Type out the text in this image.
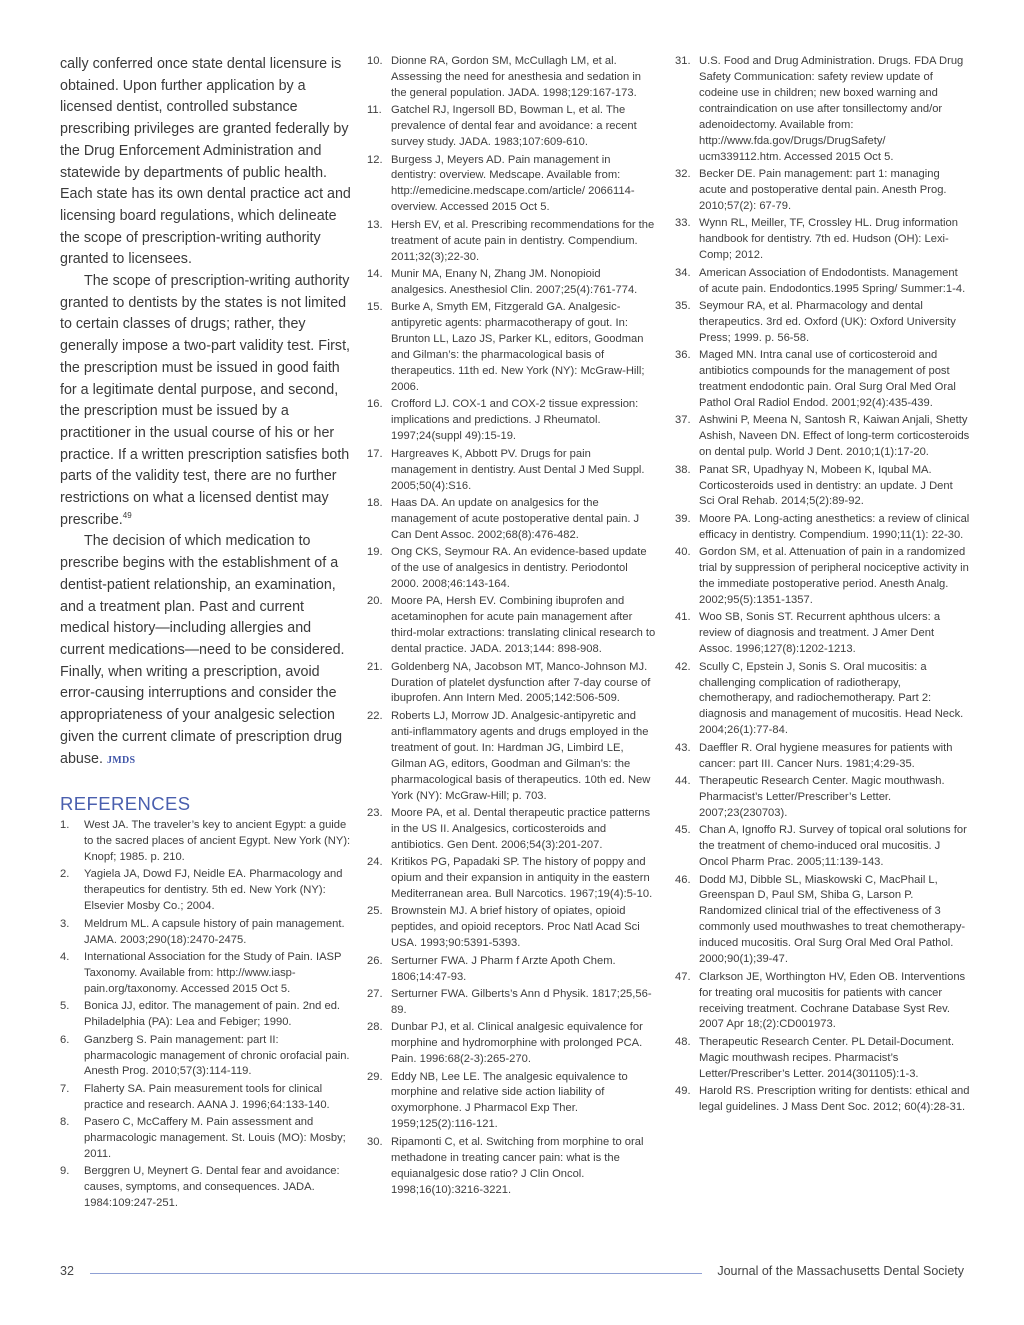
cally conferred once state dental licensure is obtained. Upon further application by a licensed dentist, controlled substance prescribing privileges are granted federally by the Drug Enforcement Administration and statewide by departments of public health. Each state has its own dental practice act and licensing board regulations, which delineate the scope of prescription-writing authority granted to licensees.

The scope of prescription-writing authority granted to dentists by the states is not limited to certain classes of drugs; rather, they generally impose a two-part validity test. First, the prescription must be issued in good faith for a legitimate dental purpose, and second, the prescription must be issued by a practitioner in the usual course of his or her practice. If a written prescription satisfies both parts of the validity test, there are no further restrictions on what a licensed dentist may prescribe.$^{49}$

The decision of which medication to prescribe begins with the establishment of a dentist-patient relationship, an examination, and a treatment plan. Past and current medical history—including allergies and current medications—need to be considered. Finally, when writing a prescription, avoid error-causing interruptions and consider the appropriateness of your analgesic selection given the current climate of prescription drug abuse. JMDS

REFERENCES
1. West JA. The traveler’s key to ancient Egypt: a guide to the sacred places of ancient Egypt. New York (NY): Knopf; 1985. p. 210.
2. Yagiela JA, Dowd FJ, Neidle EA. Pharmacology and therapeutics for dentistry. 5th ed. New York (NY): Elsevier Mosby Co.; 2004.
3. Meldrum ML. A capsule history of pain management. JAMA. 2003;290(18):2470-2475.
4. International Association for the Study of Pain. IASP Taxonomy. Available from: http://www.iasp-pain.org/taxonomy. Accessed 2015 Oct 5.
5. Bonica JJ, editor. The management of pain. 2nd ed. Philadelphia (PA): Lea and Febiger; 1990.
6. Ganzberg S. Pain management: part II: pharmacologic management of chronic orofacial pain. Anesth Prog. 2010;57(3):114-119.
7. Flaherty SA. Pain measurement tools for clinical practice and research. AANA J. 1996;64:133-140.
8. Pasero C, McCaffery M. Pain assessment and pharmacologic management. St. Louis (MO): Mosby; 2011.
9. Berggren U, Meynert G. Dental fear and avoidance: causes, symptoms, and consequences. JADA. 1984:109:247-251.
10. Dionne RA, Gordon SM, McCullagh LM, et al. Assessing the need for anesthesia and sedation in the general population. JADA. 1998;129:167-173.
11. Gatchel RJ, Ingersoll BD, Bowman L, et al. The prevalence of dental fear and avoidance: a recent survey study. JADA. 1983;107:609-610.
12. Burgess J, Meyers AD. Pain management in dentistry: overview. Medscape. Available from: http://emedicine.medscape.com/article/ 2066114-overview. Accessed 2015 Oct 5.
13. Hersh EV, et al. Prescribing recommendations for the treatment of acute pain in dentistry. Compendium. 2011;32(3);22-30.
14. Munir MA, Enany N, Zhang JM. Nonopioid analgesics. Anesthesiol Clin. 2007;25(4):761-774.
15. Burke A, Smyth EM, Fitzgerald GA. Analgesic-antipyretic agents: pharmacotherapy of gout. In: Brunton LL, Lazo JS, Parker KL, editors, Goodman and Gilman’s: the pharmacological basis of therapeutics. 11th ed. New York (NY): McGraw-Hill; 2006.
16. Crofford LJ. COX-1 and COX-2 tissue expression: implications and predictions. J Rheumatol. 1997;24(suppl 49):15-19.
17. Hargreaves K, Abbott PV. Drugs for pain management in dentistry. Aust Dental J Med Suppl. 2005;50(4):S16.
18. Haas DA. An update on analgesics for the management of acute postoperative dental pain. J Can Dent Assoc. 2002;68(8):476-482.
19. Ong CKS, Seymour RA. An evidence-based update of the use of analgesics in dentistry. Periodontol 2000. 2008;46:143-164.
20. Moore PA, Hersh EV. Combining ibuprofen and acetaminophen for acute pain management after third-molar extractions: translating clinical research to dental practice. JADA. 2013;144: 898-908.
21. Goldenberg NA, Jacobson MT, Manco-Johnson MJ. Duration of platelet dysfunction after 7-day course of ibuprofen. Ann Intern Med. 2005;142:506-509.
22. Roberts LJ, Morrow JD. Analgesic-antipyretic and anti-inflammatory agents and drugs employed in the treatment of gout. In: Hardman JG, Limbird LE, Gilman AG, editors, Goodman and Gilman’s: the pharmacological basis of therapeutics. 10th ed. New York (NY): McGraw-Hill; p. 703.
23. Moore PA, et al. Dental therapeutic practice patterns in the US II. Analgesics, corticosteroids and antibiotics. Gen Dent. 2006;54(3):201-207.
24. Kritikos PG, Papadaki SP. The history of poppy and opium and their expansion in antiquity in the eastern Mediterranean area. Bull Narcotics. 1967;19(4):5-10.
25. Brownstein MJ. A brief history of opiates, opioid peptides, and opioid receptors. Proc Natl Acad Sci USA. 1993;90:5391-5393.
26. Serturner FWA. J Pharm f Arzte Apoth Chem. 1806;14:47-93.
27. Serturner FWA. Gilberts’s Ann d Physik. 1817;25,56-89.
28. Dunbar PJ, et al. Clinical analgesic equivalence for morphine and hydromorphine with prolonged PCA. Pain. 1996:68(2-3):265-270.
29. Eddy NB, Lee LE. The analgesic equivalence to morphine and relative side action liability of oxymorphone. J Pharmacol Exp Ther. 1959;125(2):116-121.
30. Ripamonti C, et al. Switching from morphine to oral methadone in treating cancer pain: what is the equianalgesic dose ratio? J Clin Oncol. 1998;16(10):3216-3221.
31. U.S. Food and Drug Administration. Drugs. FDA Drug Safety Communication: safety review update of codeine use in children; new boxed warning and contraindication on use after tonsillectomy and/or adenoidectomy. Available from: http://www.fda.gov/Drugs/DrugSafety/ ucm339112.htm. Accessed 2015 Oct 5.
32. Becker DE. Pain management: part 1: managing acute and postoperative dental pain. Anesth Prog. 2010;57(2): 67-79.
33. Wynn RL, Meiller, TF, Crossley HL. Drug information handbook for dentistry. 7th ed. Hudson (OH): Lexi-Comp; 2012.
34. American Association of Endodontists. Management of acute pain. Endodontics.1995 Spring/ Summer:1-4.
35. Seymour RA, et al. Pharmacology and dental therapeutics. 3rd ed. Oxford (UK): Oxford University Press; 1999. p. 56-58.
36. Maged MN. Intra canal use of corticosteroid and antibiotics compounds for the management of post treatment endodontic pain. Oral Surg Oral Med Oral Pathol Oral Radiol Endod. 2001;92(4):435-439.
37. Ashwini P, Meena N, Santosh R, Kaiwan Anjali, Shetty Ashish, Naveen DN. Effect of long-term corticosteroids on dental pulp. World J Dent. 2010;1(1):17-20.
38. Panat SR, Upadhyay N, Mobeen K, Iqubal MA. Corticosteroids used in dentistry: an update. J Dent Sci Oral Rehab. 2014;5(2):89-92.
39. Moore PA. Long-acting anesthetics: a review of clinical efficacy in dentistry. Compendium. 1990;11(1): 22-30.
40. Gordon SM, et al. Attenuation of pain in a randomized trial by suppression of peripheral nociceptive activity in the immediate postoperative period. Anesth Analg. 2002;95(5):1351-1357.
41. Woo SB, Sonis ST. Recurrent aphthous ulcers: a review of diagnosis and treatment. J Amer Dent Assoc. 1996;127(8):1202-1213.
42. Scully C, Epstein J, Sonis S. Oral mucositis: a challenging complication of radiotherapy, chemotherapy, and radiochemotherapy. Part 2: diagnosis and management of mucositis. Head Neck. 2004;26(1):77-84.
43. Daeffler R. Oral hygiene measures for patients with cancer: part III. Cancer Nurs. 1981;4:29-35.
44. Therapeutic Research Center. Magic mouthwash. Pharmacist’s Letter/Prescriber’s Letter. 2007;23(230703).
45. Chan A, Ignoffo RJ. Survey of topical oral solutions for the treatment of chemo-induced oral mucositis. J Oncol Pharm Prac. 2005;11:139-143.
46. Dodd MJ, Dibble SL, Miaskowski C, MacPhail L, Greenspan D, Paul SM, Shiba G, Larson P. Randomized clinical trial of the effectiveness of 3 commonly used mouthwashes to treat chemotherapy-induced mucositis. Oral Surg Oral Med Oral Pathol. 2000;90(1);39-47.
47. Clarkson JE, Worthington HV, Eden OB. Interventions for treating oral mucositis for patients with cancer receiving treatment. Cochrane Database Syst Rev. 2007 Apr 18;(2):CD001973.
48. Therapeutic Research Center. PL Detail-Document. Magic mouthwash recipes. Pharmacist’s Letter/Prescriber’s Letter. 2014(301105):1-3.
49. Harold RS. Prescription writing for dentists: ethical and legal guidelines. J Mass Dent Soc. 2012; 60(4):28-31.
32	Journal of the Massachusetts Dental Society
